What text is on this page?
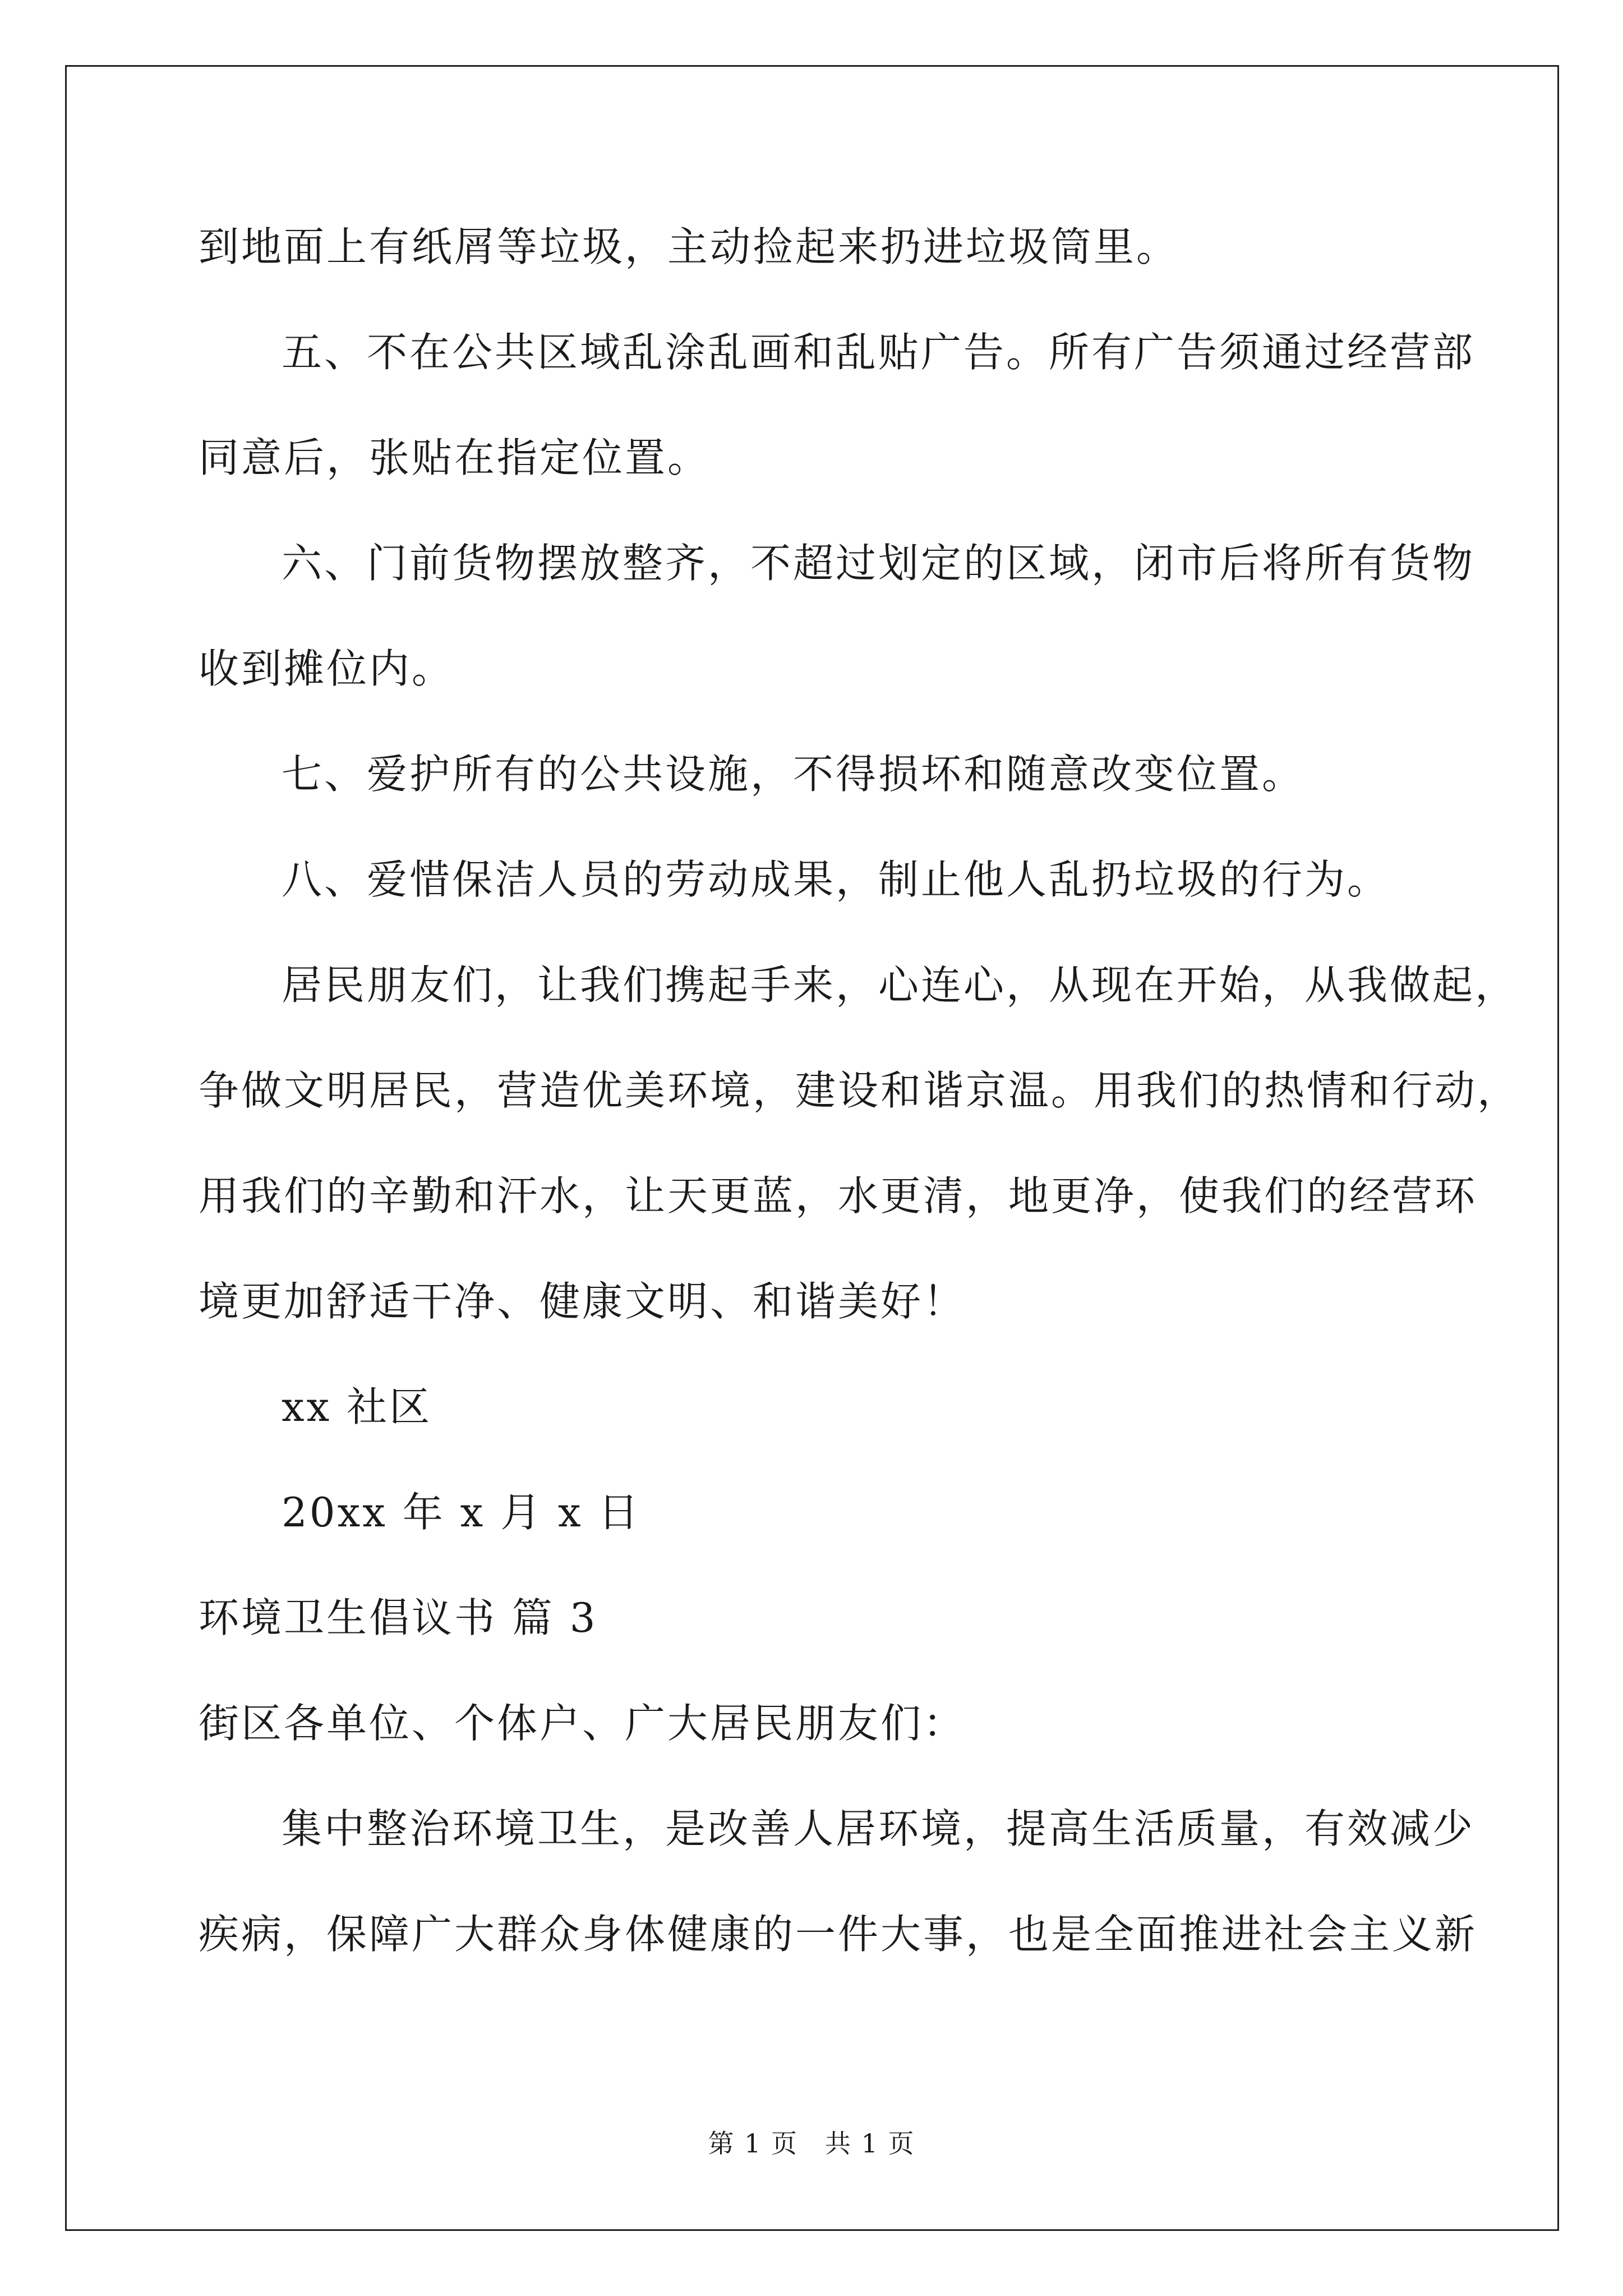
到地面上有纸屑等垃圾，主动捡起来扔进垃圾筒里。
五、不在公共区域乱涂乱画和乱贴广告。所有广告须通过经营部
同意后，张贴在指定位置。
六、门前货物摆放整齐，不超过划定的区域，闭市后将所有货物
收到摊位内。
七、爱护所有的公共设施，不得损坏和随意改变位置。
八、爱惜保洁人员的劳动成果，制止他人乱扔垃圾的行为。
居民朋友们，让我们携起手来，心连心，从现在开始，从我做起，
争做文明居民，营造优美环境，建设和谐京温。用我们的热情和行动，
用我们的辛勤和汗水，让天更蓝，水更清，地更净，使我们的经营环
境更加舒适干净、健康文明、和谐美好！
xx 社区
20xx 年 x 月 x 日
环境卫生倡议书 篇 3
街区各单位、个体户、广大居民朋友们：
集中整治环境卫生，是改善人居环境，提高生活质量，有效减少
疾病，保障广大群众身体健康的一件大事，也是全面推进社会主义新
第 1 页　共 1 页
